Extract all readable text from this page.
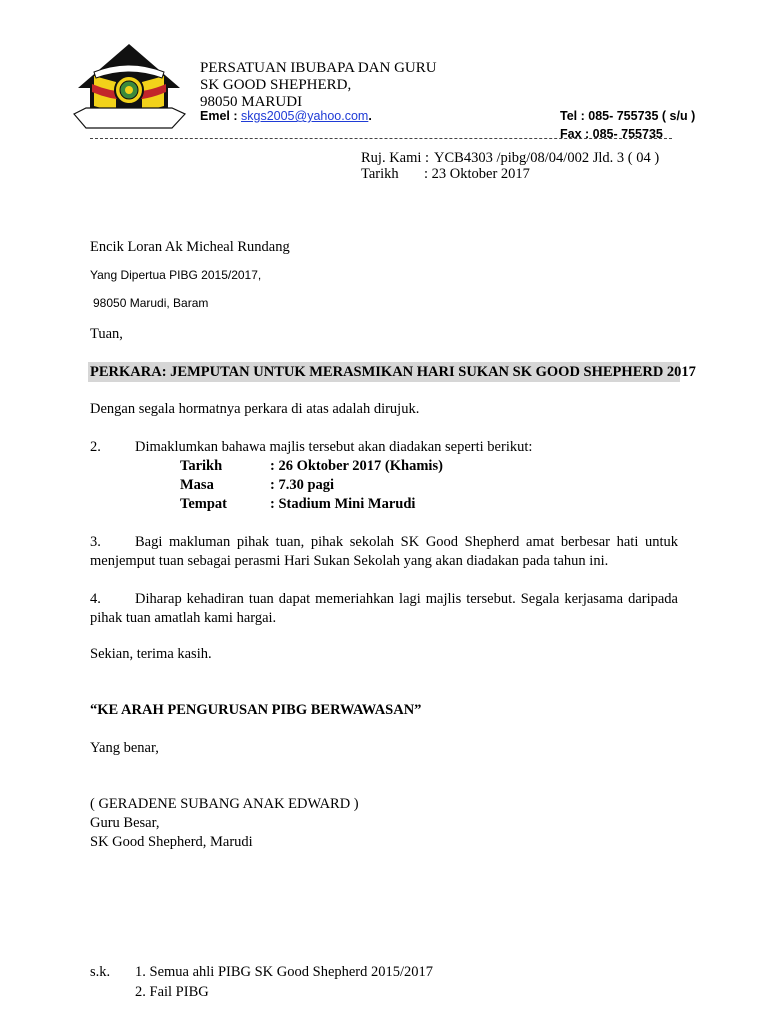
PERSATUAN IBUBAPA DAN GURU
SK GOOD SHEPHERD,
98050 MARUDI
Emel : skgs2005@yahoo.com.	Tel : 085- 755735 ( s/u )
Fax : 085- 755735
Ruj. Kami : YCB4303 /pibg/08/04/002 Jld. 3 ( 04 )
Tarikh : 23 Oktober 2017
Encik Loran Ak Micheal Rundang
Yang Dipertua PIBG 2015/2017,
98050 Marudi, Baram
Tuan,
PERKARA: JEMPUTAN UNTUK MERASMIKAN HARI SUKAN SK GOOD SHEPHERD 2017
Dengan segala hormatnya perkara di atas adalah dirujuk.
2. Dimaklumkan bahawa majlis tersebut akan diadakan seperti berikut:
Tarikh	: 26 Oktober 2017 (Khamis)
Masa	: 7.30 pagi
Tempat	: Stadium Mini Marudi
3. Bagi makluman pihak tuan, pihak sekolah SK Good Shepherd amat berbesar hati untuk menjemput tuan sebagai perasmi Hari Sukan Sekolah yang akan diadakan pada tahun ini.
4. Diharap kehadiran tuan dapat memeriahkan lagi majlis tersebut. Segala kerjasama daripada pihak tuan amatlah kami hargai.
Sekian, terima kasih.
“KE ARAH PENGURUSAN PIBG BERWAWASAN”
Yang benar,
( GERADENE SUBANG ANAK EDWARD )
Guru Besar,
SK Good Shepherd, Marudi
s.k. 1. Semua ahli PIBG SK Good Shepherd 2015/2017
2. Fail PIBG
